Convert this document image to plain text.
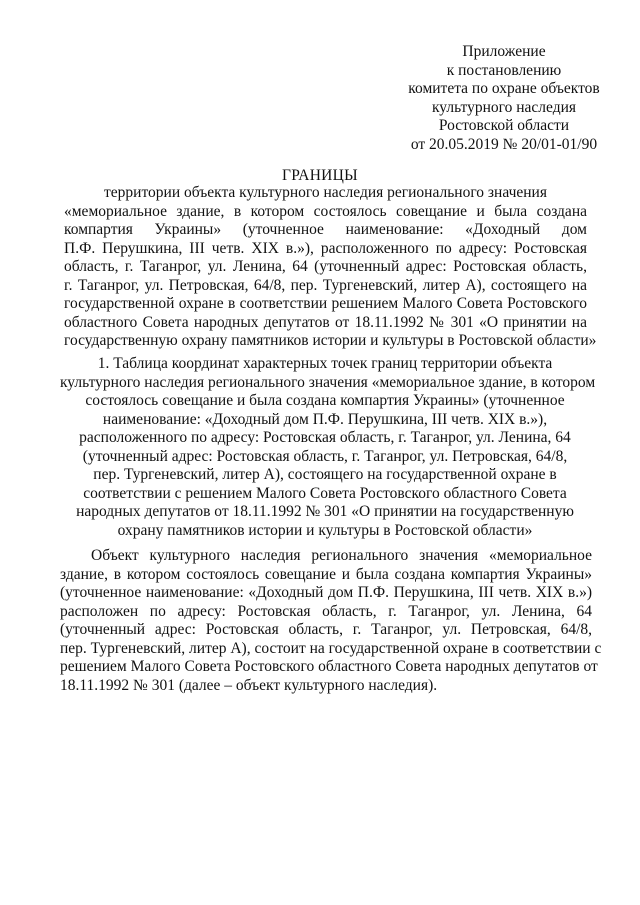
Приложение
к постановлению
комитета по охране объектов
культурного наследия
Ростовской области
от 20.05.2019 № 20/01-01/90
ГРАНИЦЫ
территории объекта культурного наследия регионального значения
«мемориальное здание, в котором состоялось совещание и была создана
компартия Украины» (уточненное наименование: «Доходный дом
П.Ф. Перушкина, III четв. XIX в.»), расположенного по адресу: Ростовская
область, г. Таганрог, ул. Ленина, 64 (уточненный адрес: Ростовская область,
г. Таганрог, ул. Петровская, 64/8, пер. Тургеневский, литер А), состоящего на
государственной охране в соответствии решением Малого Совета Ростовского
областного Совета народных депутатов от 18.11.1992 № 301 «О принятии на
государственную охрану памятников истории и культуры в Ростовской области»
1. Таблица координат характерных точек границ территории объекта
культурного наследия регионального значения «мемориальное здание, в котором
состоялось совещание и была создана компартия Украины» (уточненное
наименование: «Доходный дом П.Ф. Перушкина, III четв. XIX в.»),
расположенного по адресу: Ростовская область, г. Таганрог, ул. Ленина, 64
(уточненный адрес: Ростовская область, г. Таганрог, ул. Петровская, 64/8,
пер. Тургеневский, литер А), состоящего на государственной охране в
соответствии с решением Малого Совета Ростовского областного Совета
народных депутатов от 18.11.1992 № 301 «О принятии на государственную
охрану памятников истории и культуры в Ростовской области»
Объект культурного наследия регионального значения «мемориальное
здание, в котором состоялось совещание и была создана компартия Украины»
(уточненное наименование: «Доходный дом П.Ф. Перушкина, III четв. XIX в.»)
расположен по адресу: Ростовская область, г. Таганрог, ул. Ленина, 64
(уточненный адрес: Ростовская область, г. Таганрог, ул. Петровская, 64/8,
пер. Тургеневский, литер А), состоит на государственной охране в соответствии с
решением Малого Совета Ростовского областного Совета народных депутатов от
18.11.1992 № 301 (далее – объект культурного наследия).
